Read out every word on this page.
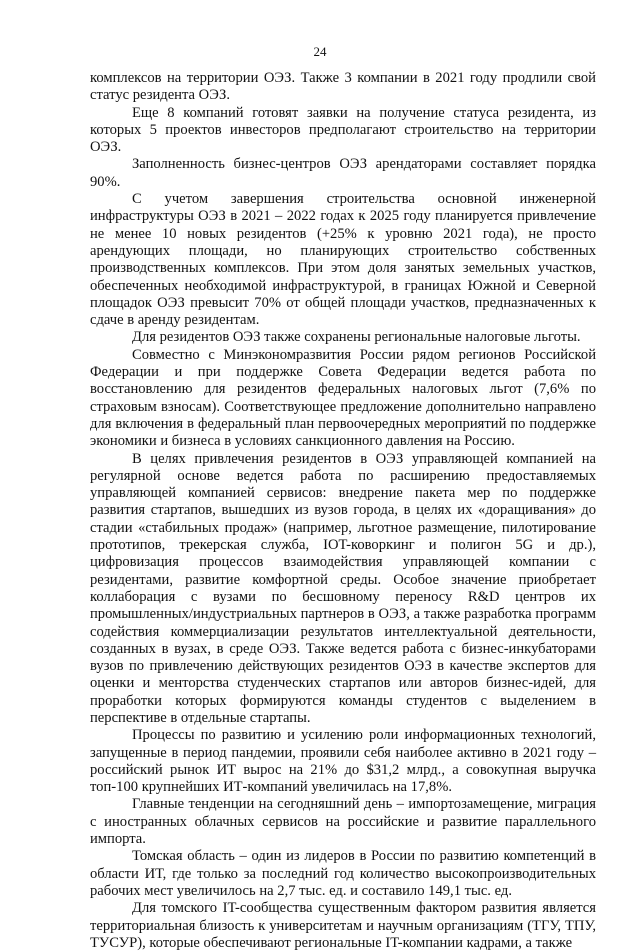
24

комплексов на территории ОЭЗ. Также 3 компании в 2021 году продлили свой статус резидента ОЭЗ.

Еще 8 компаний готовят заявки на получение статуса резидента, из которых 5 проектов инвесторов предполагают строительство на территории ОЭЗ.

Заполненность бизнес-центров ОЭЗ арендаторами составляет порядка 90%.

С учетом завершения строительства основной инженерной инфраструктуры ОЭЗ в 2021 – 2022 годах к 2025 году планируется привлечение не менее 10 новых резидентов (+25% к уровню 2021 года), не просто арендующих площади, но планирующих строительство собственных производственных комплексов. При этом доля занятых земельных участков, обеспеченных необходимой инфраструктурой, в границах Южной и Северной площадок ОЭЗ превысит 70% от общей площади участков, предназначенных к сдаче в аренду резидентам.

Для резидентов ОЭЗ также сохранены региональные налоговые льготы.

Совместно с Минэкономразвития России рядом регионов Российской Федерации и при поддержке Совета Федерации ведется работа по восстановлению для резидентов федеральных налоговых льгот (7,6% по страховым взносам). Соответствующее предложение дополнительно направлено для включения в федеральный план первоочередных мероприятий по поддержке экономики и бизнеса в условиях санкционного давления на Россию.

В целях привлечения резидентов в ОЭЗ управляющей компанией на регулярной основе ведется работа по расширению предоставляемых управляющей компанией сервисов: внедрение пакета мер по поддержке развития стартапов, вышедших из вузов города, в целях их «доращивания» до стадии «стабильных продаж» (например, льготное размещение, пилотирование прототипов, трекерская служба, IOT-коворкинг и полигон 5G и др.), цифровизация процессов взаимодействия управляющей компании с резидентами, развитие комфортной среды. Особое значение приобретает коллаборация с вузами по бесшовному переносу R&D центров их промышленных/индустриальных партнеров в ОЭЗ, а также разработка программ содействия коммерциализации результатов интеллектуальной деятельности, созданных в вузах, в среде ОЭЗ. Также ведется работа с бизнес-инкубаторами вузов по привлечению действующих резидентов ОЭЗ в качестве экспертов для оценки и менторства студенческих стартапов или авторов бизнес-идей, для проработки которых формируются команды студентов с выделением в перспективе в отдельные стартапы.

Процессы по развитию и усилению роли информационных технологий, запущенные в период пандемии, проявили себя наиболее активно в 2021 году – российский рынок ИТ вырос на 21% до $31,2 млрд., а совокупная выручка топ-100 крупнейших ИТ-компаний увеличилась на 17,8%.

Главные тенденции на сегодняшний день – импортозамещение, миграция с иностранных облачных сервисов на российские и развитие параллельного импорта.

Томская область – один из лидеров в России по развитию компетенций в области ИТ, где только за последний год количество высокопроизводительных рабочих мест увеличилось на 2,7 тыс. ед. и составило 149,1 тыс. ед.

Для томского IT-сообщества существенным фактором развития является территориальная близость к университетам и научным организациям (ТГУ, ТПУ, ТУСУР), которые обеспечивают региональные IT-компании кадрами, а также
